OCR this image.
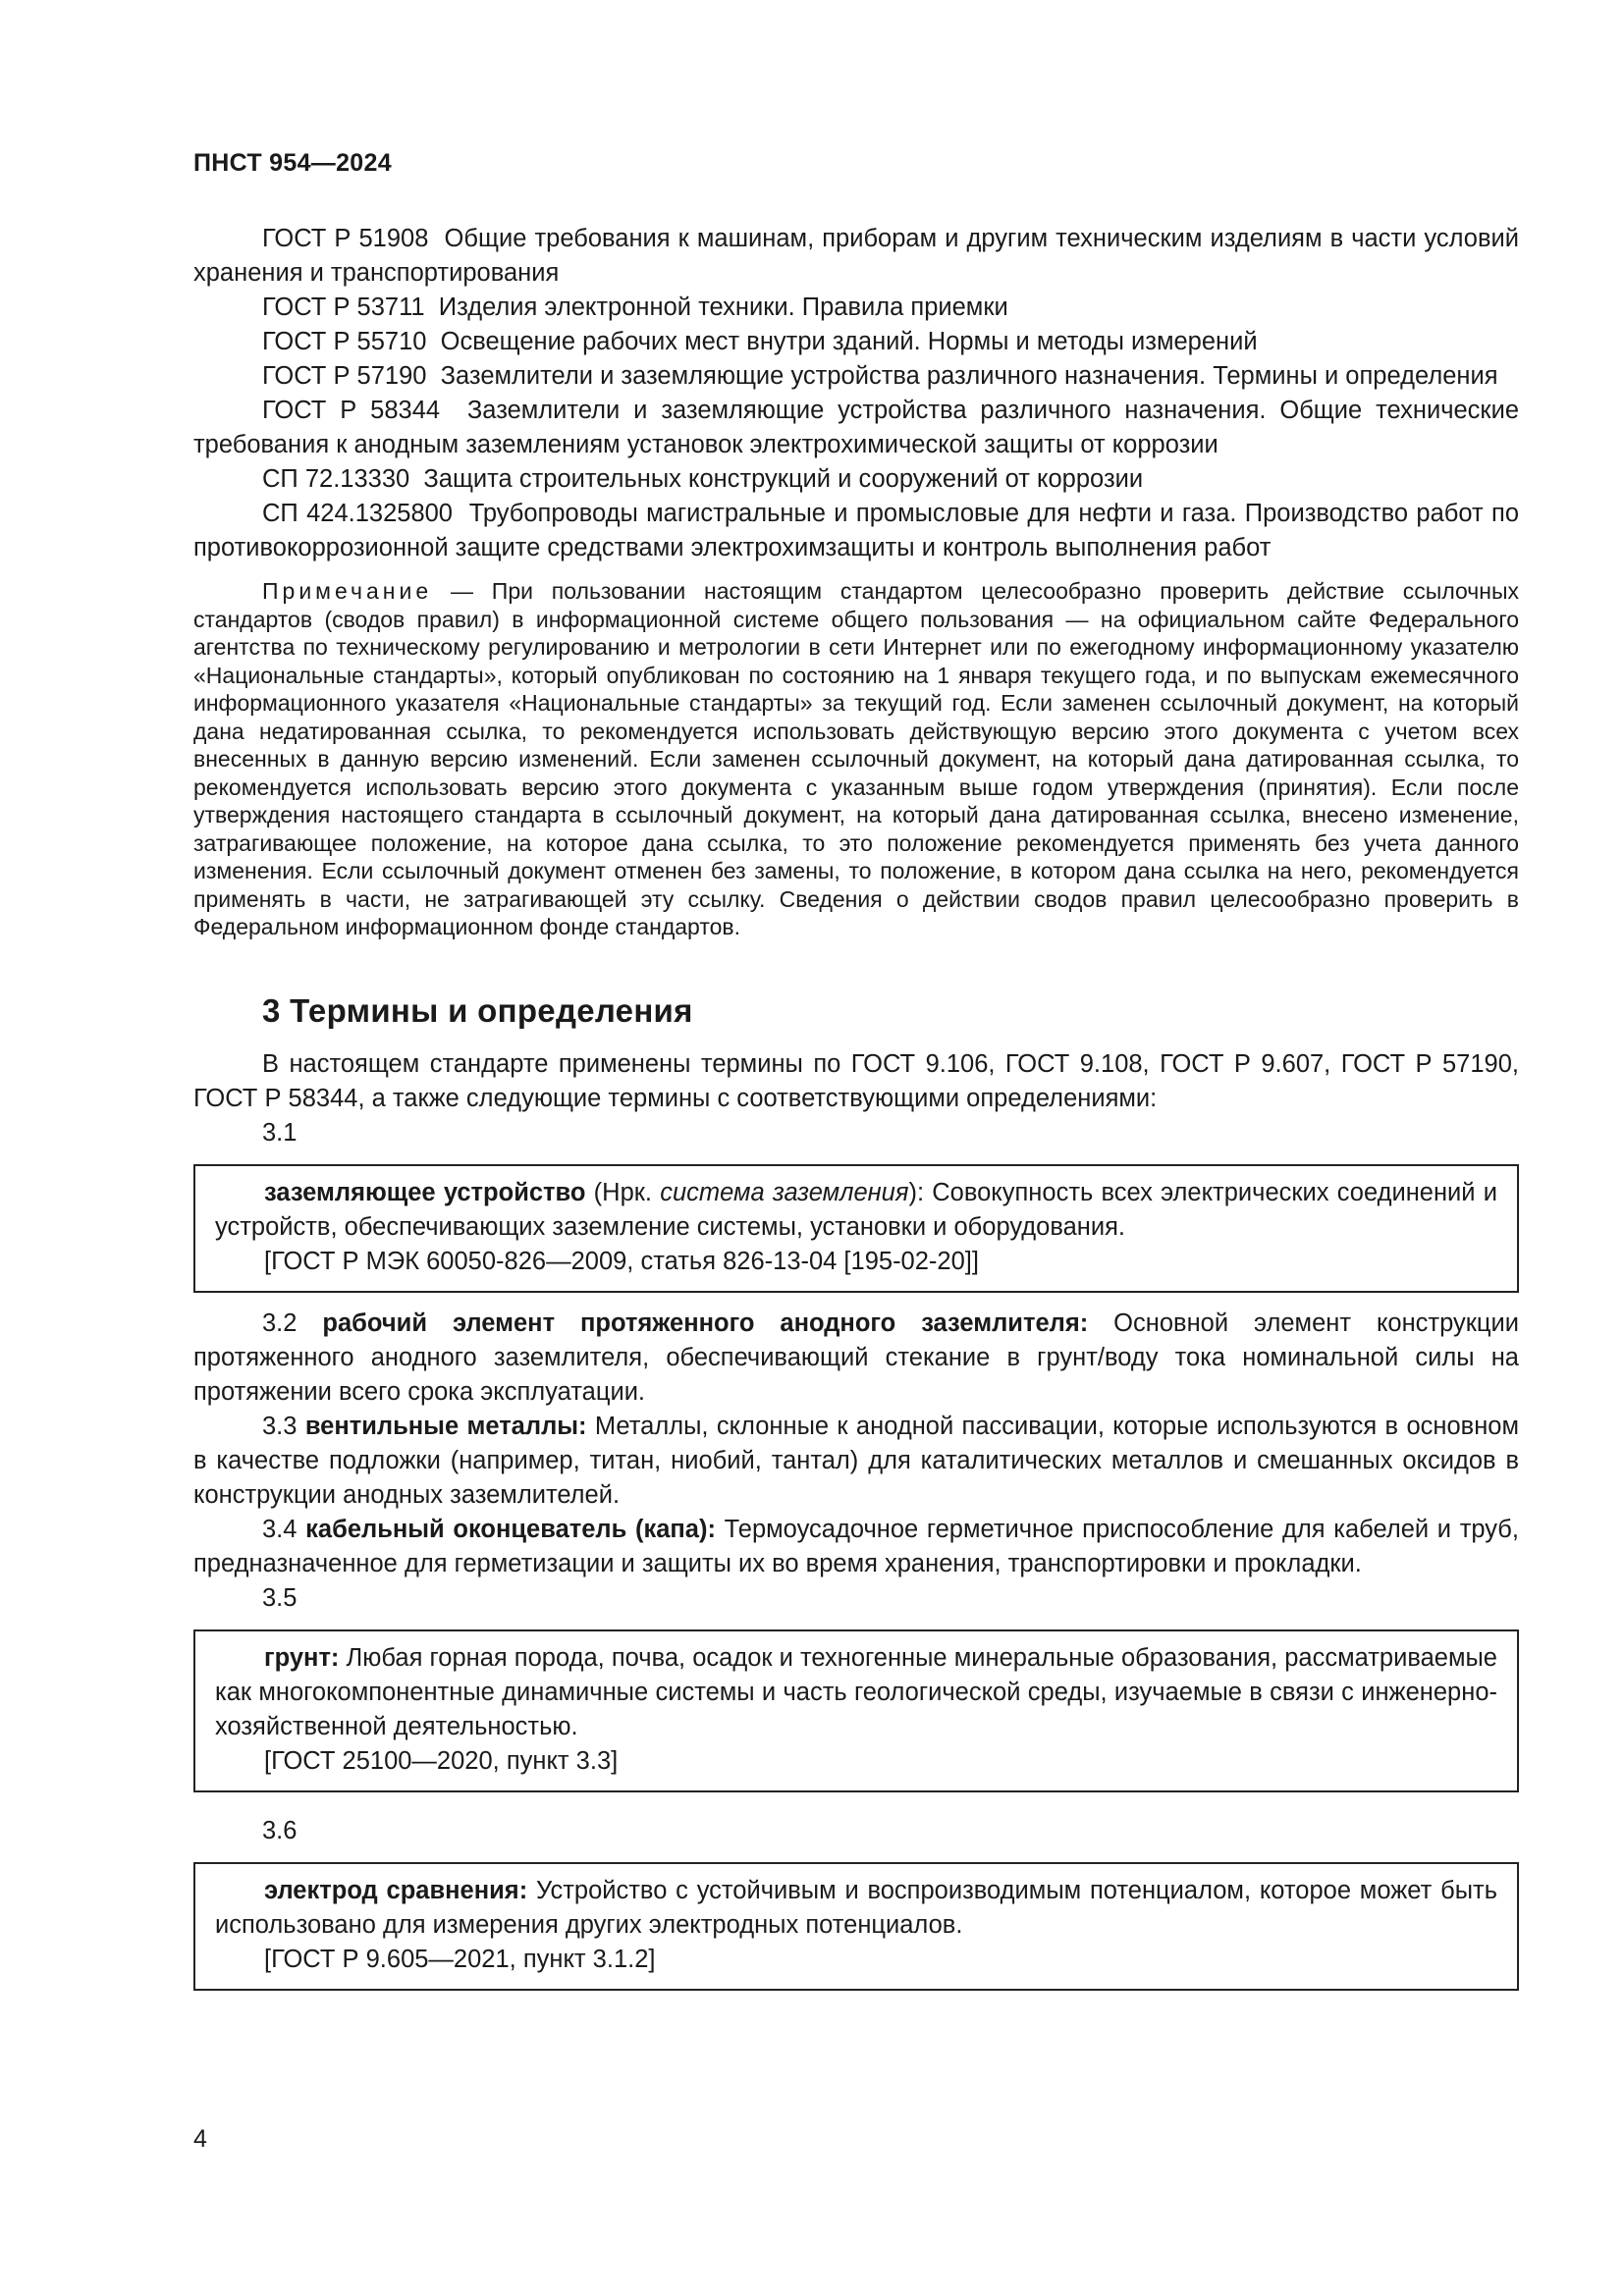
ПНСТ 954—2024

ГОСТ Р 51908 Общие требования к машинам, приборам и другим техническим изделиям в части условий хранения и транспортирования

ГОСТ Р 53711 Изделия электронной техники. Правила приемки

ГОСТ Р 55710 Освещение рабочих мест внутри зданий. Нормы и методы измерений

ГОСТ Р 57190 Заземлители и заземляющие устройства различного назначения. Термины и определения

ГОСТ Р 58344 Заземлители и заземляющие устройства различного назначения. Общие технические требования к анодным заземлениям установок электрохимической защиты от коррозии

СП 72.13330 Защита строительных конструкций и сооружений от коррозии

СП 424.1325800 Трубопроводы магистральные и промысловые для нефти и газа. Производство работ по противокоррозионной защите средствами электрохимзащиты и контроль выполнения работ

Примечание — При пользовании настоящим стандартом целесообразно проверить действие ссылочных стандартов (сводов правил) в информационной системе общего пользования — на официальном сайте Федерального агентства по техническому регулированию и метрологии в сети Интернет или по ежегодному информационному указателю «Национальные стандарты», который опубликован по состоянию на 1 января текущего года, и по выпускам ежемесячного информационного указателя «Национальные стандарты» за текущий год. Если заменен ссылочный документ, на который дана недатированная ссылка, то рекомендуется использовать действующую версию этого документа с учетом всех внесенных в данную версию изменений. Если заменен ссылочный документ, на который дана датированная ссылка, то рекомендуется использовать версию этого документа с указанным выше годом утверждения (принятия). Если после утверждения настоящего стандарта в ссылочный документ, на который дана датированная ссылка, внесено изменение, затрагивающее положение, на которое дана ссылка, то это положение рекомендуется применять без учета данного изменения. Если ссылочный документ отменен без замены, то положение, в котором дана ссылка на него, рекомендуется применять в части, не затрагивающей эту ссылку. Сведения о действии сводов правил целесообразно проверить в Федеральном информационном фонде стандартов.

3 Термины и определения

В настоящем стандарте применены термины по ГОСТ 9.106, ГОСТ 9.108, ГОСТ Р 9.607, ГОСТ Р 57190, ГОСТ Р 58344, а также следующие термины с соответствующими определениями:

3.1

заземляющее устройство (Нрк. система заземления): Совокупность всех электрических соединений и устройств, обеспечивающих заземление системы, установки и оборудования.

[ГОСТ Р МЭК 60050-826—2009, статья 826-13-04 [195-02-20]]

3.2 рабочий элемент протяженного анодного заземлителя: Основной элемент конструкции протяженного анодного заземлителя, обеспечивающий стекание в грунт/воду тока номинальной силы на протяжении всего срока эксплуатации.

3.3 вентильные металлы: Металлы, склонные к анодной пассивации, которые используются в основном в качестве подложки (например, титан, ниобий, тантал) для каталитических металлов и смешанных оксидов в конструкции анодных заземлителей.

3.4 кабельный оконцеватель (капа): Термоусадочное герметичное приспособление для кабелей и труб, предназначенное для герметизации и защиты их во время хранения, транспортировки и прокладки.

3.5

грунт: Любая горная порода, почва, осадок и техногенные минеральные образования, рассматриваемые как многокомпонентные динамичные системы и часть геологической среды, изучаемые в связи с инженерно-хозяйственной деятельностью.

[ГОСТ 25100—2020, пункт 3.3]

3.6

электрод сравнения: Устройство с устойчивым и воспроизводимым потенциалом, которое может быть использовано для измерения других электродных потенциалов.

[ГОСТ Р 9.605—2021, пункт 3.1.2]

4
